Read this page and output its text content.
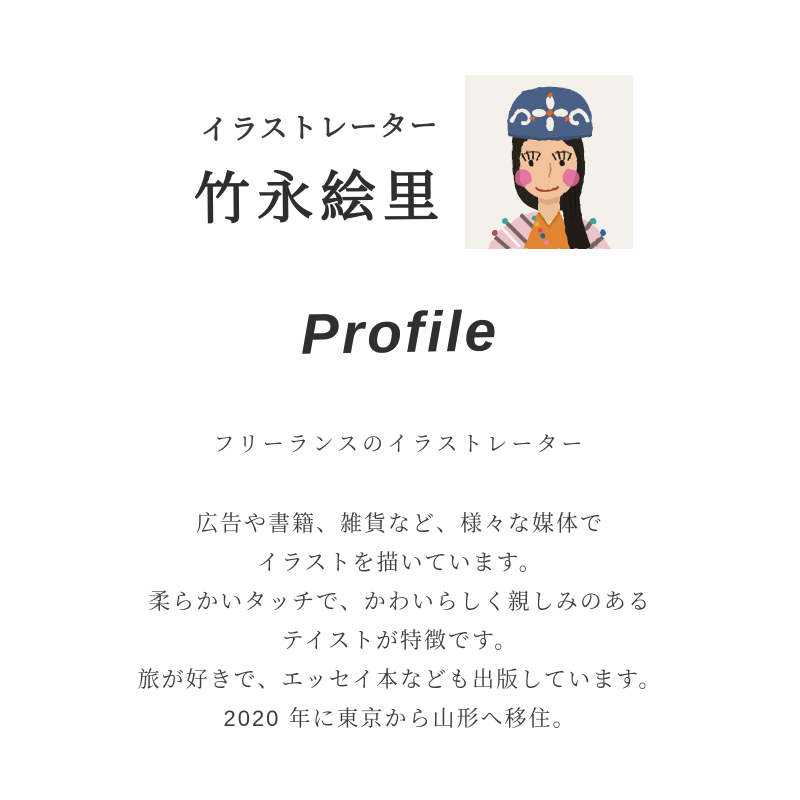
イラストレーター
竹永絵里
Profile
フリーランスのイラストレーター
広告や書籍、雑貨など、様々な媒体で
イラストを描いています。
柔らかいタッチで、かわいらしく親しみのある
テイストが特徴です。
旅が好きで、エッセイ本なども出版しています。
2020 年に東京から山形へ移住。
